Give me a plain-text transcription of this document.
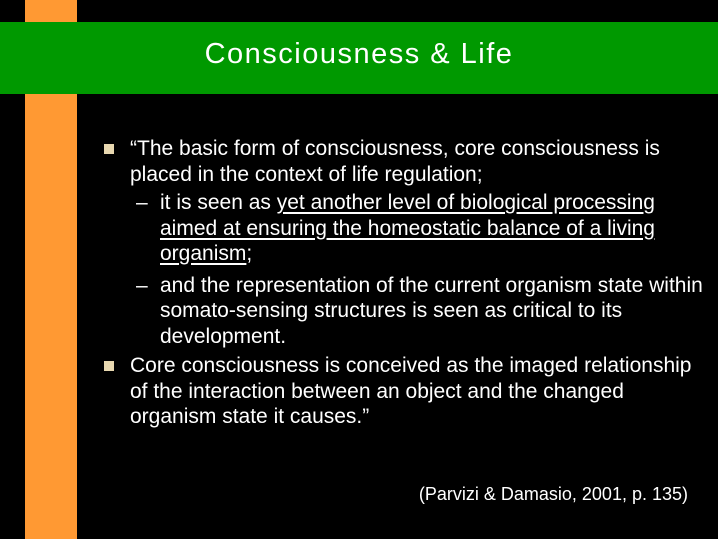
Consciousness & Life

“The basic form of consciousness, core consciousness is placed in the context of life regulation;

– it is seen as yet another level of biological processing aimed at ensuring the homeostatic balance of a living organism;

– and the representation of the current organism state within somato-sensing structures is seen as critical to its development.

Core consciousness is conceived as the imaged relationship of the interaction between an object and the changed organism state it causes.”

(Parvizi & Damasio, 2001, p. 135)
